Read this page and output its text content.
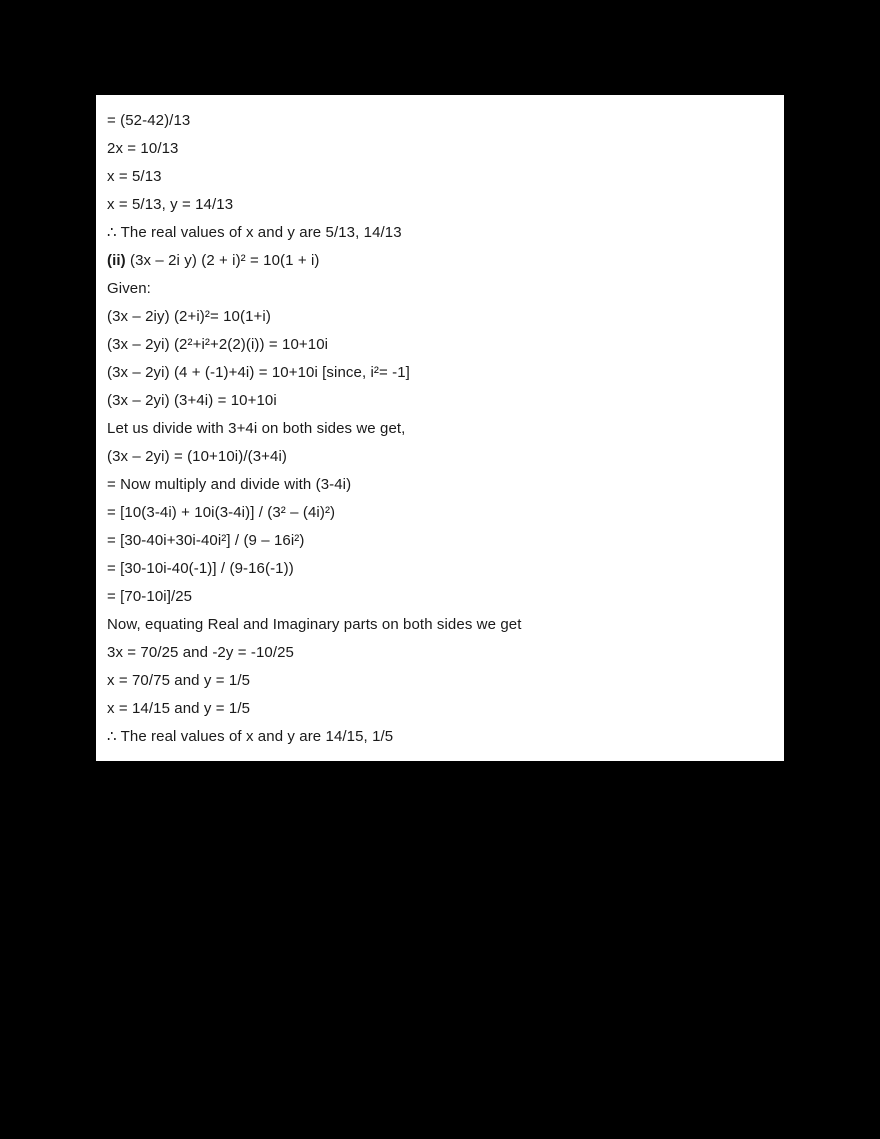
= (52-42)/13
2x = 10/13
x = 5/13
x = 5/13, y = 14/13
∴ The real values of x and y are 5/13, 14/13
(ii) (3x – 2i y) (2 + i)² = 10(1 + i)
Given:
(3x – 2iy) (2+i)²= 10(1+i)
(3x – 2yi) (2²+i²+2(2)(i)) = 10+10i
(3x – 2yi) (4 + (-1)+4i) = 10+10i [since, i²= -1]
(3x – 2yi) (3+4i) = 10+10i
Let us divide with 3+4i on both sides we get,
(3x – 2yi) = (10+10i)/(3+4i)
= Now multiply and divide with (3-4i)
= [10(3-4i) + 10i(3-4i)] / (3² – (4i)²)
= [30-40i+30i-40i²] / (9 – 16i²)
= [30-10i-40(-1)] / (9-16(-1))
= [70-10i]/25
Now, equating Real and Imaginary parts on both sides we get
3x = 70/25 and -2y = -10/25
x = 70/75 and y = 1/5
x = 14/15 and y = 1/5
∴ The real values of x and y are 14/15, 1/5
